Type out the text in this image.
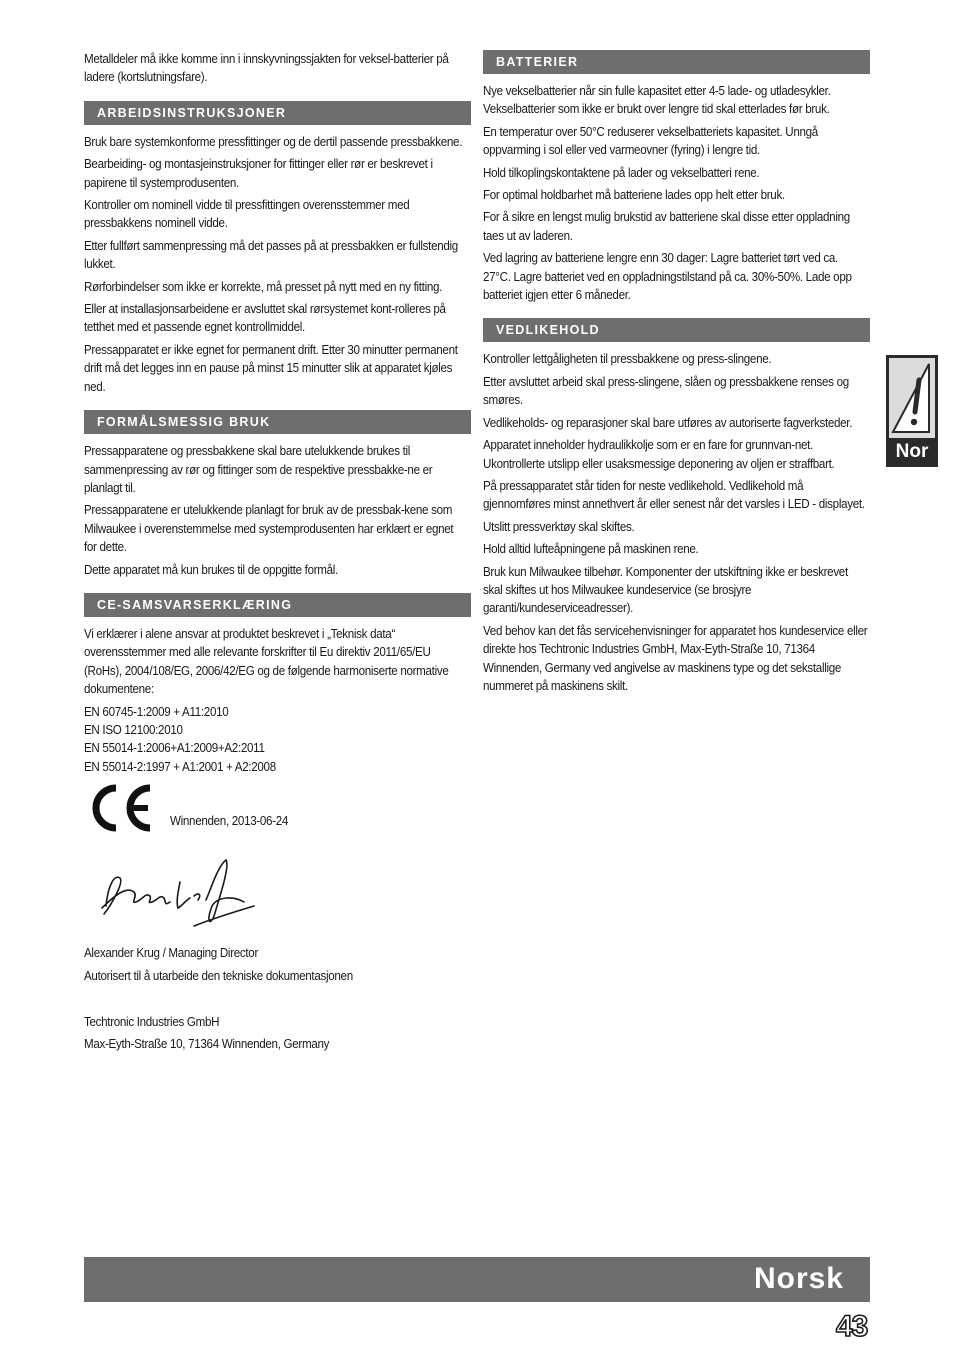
Metalldeler må ikke komme inn i innskyvningssjakten for veksel-batterier på ladere (kortslutningsfare).

ARBEIDSINSTRUKSJONER

Bruk bare systemkonforme pressfittinger og de dertil passende pressbakkene.

Bearbeiding- og montasjeinstruksjoner for fittinger eller rør er beskrevet i papirene til systemprodusenten.

Kontroller om nominell vidde til pressfittingen overensstemmer med pressbakkens nominell vidde.

Etter fullført sammenpressing må det passes på at pressbakken er fullstendig lukket.

Rørforbindelser som ikke er korrekte, må presset på nytt med en ny fitting.

Eller at installasjonsarbeidene er avsluttet skal rørsystemet kont-rolleres på tetthet med et passende egnet kontrollmiddel.

Pressapparatet er ikke egnet for permanent drift. Etter 30 minutter permanent drift må det legges inn en pause på minst 15 minutter slik at apparatet kjøles ned.

FORMÅLSMESSIG BRUK

Pressapparatene og pressbakkene skal bare utelukkende brukes til sammenpressing av rør og fittinger som de respektive pressbakke-ne er planlagt til.

Pressapparatene er utelukkende planlagt for bruk av de pressbak-kene som Milwaukee i overenstemmelse med systemprodusenten har erklært er egnet for dette.

Dette apparatet må kun brukes til de oppgitte formål.

CE-SAMSVARSERKLÆRING

Vi erklærer i alene ansvar at produktet beskrevet i „Teknisk data“ overensstemmer med alle relevante forskrifter til Eu direktiv 2011/65/EU (RoHs), 2004/108/EG, 2006/42/EG og de følgende harmoniserte normative dokumentene:

EN 60745-1:2009 + A11:2010

EN ISO 12100:2010

EN 55014-1:2006+A1:2009+A2:2011

EN 55014-2:1997 + A1:2001 + A2:2008

Winnenden, 2013-06-24

Alexander Krug / Managing Director

Autorisert til å utarbeide den tekniske dokumentasjonen

Techtronic Industries GmbH

Max-Eyth-Straße 10, 71364 Winnenden, Germany

BATTERIER

Nye vekselbatterier når sin fulle kapasitet etter 4-5 lade- og utladesykler. Vekselbatterier som ikke er brukt over lengre tid skal etterlades før bruk.

En temperatur over 50°C reduserer vekselbatteriets kapasitet. Unngå oppvarming i sol eller ved varmeovner (fyring) i lengre tid.

Hold tilkoplingskontaktene på lader og vekselbatteri rene.

For optimal holdbarhet må batteriene lades opp helt etter bruk.

For å sikre en lengst mulig brukstid av batteriene skal disse etter oppladning taes ut av laderen.

Ved lagring av batteriene lengre enn 30 dager: Lagre batteriet tørt ved ca. 27°C. Lagre batteriet ved en oppladningstilstand på ca. 30%-50%. Lade opp batteriet igjen etter 6 måneder.

VEDLIKEHOLD

Kontroller lettgåligheten til pressbakkene og press-slingene.

Etter avsluttet arbeid skal press-slingene, slåen og pressbakkene renses og smøres.

Vedlikeholds- og reparasjoner skal bare utføres av autoriserte fagverksteder.

Apparatet inneholder hydraulikkolje som er en fare for grunnvan-net. Ukontrollerte utslipp eller usaksmessige deponering av oljen er straffbart.

På pressapparatet står tiden for neste vedlikehold. Vedlikehold må gjennomføres minst annethvert år eller senest når det varsles i LED - displayet.

Utslitt pressverktøy skal skiftes.

Hold alltid lufteåpningene på maskinen rene.

Bruk kun Milwaukee tilbehør. Komponenter der utskiftning ikke er beskrevet skal skiftes ut hos Milwaukee kundeservice (se brosjyre garanti/kundeserviceadresser).

Ved behov kan det fås servicehenvisninger for apparatet hos kundeservice eller direkte hos Techtronic Industries GmbH, Max-Eyth-Straße 10, 71364 Winnenden, Germany ved angivelse av maskinens type og det sekstallige nummeret på maskinens skilt.

Nor
Norsk
43
